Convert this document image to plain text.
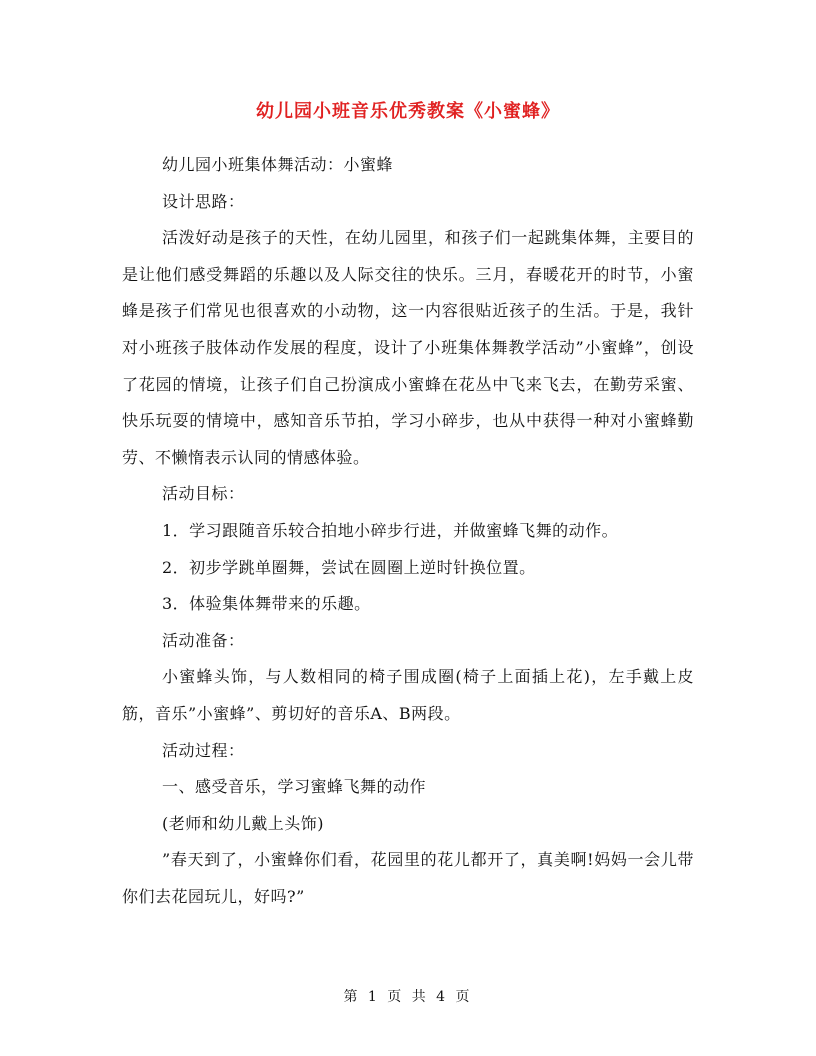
幼儿园小班音乐优秀教案《小蜜蜂》

幼儿园小班集体舞活动：小蜜蜂

设计思路：

活泼好动是孩子的天性，在幼儿园里，和孩子们一起跳集体舞，主要目的是让他们感受舞蹈的乐趣以及人际交往的快乐。三月，春暖花开的时节，小蜜蜂是孩子们常见也很喜欢的小动物，这一内容很贴近孩子的生活。于是，我针对小班孩子肢体动作发展的程度，设计了小班集体舞教学活动”小蜜蜂”，创设了花园的情境，让孩子们自己扮演成小蜜蜂在花丛中飞来飞去，在勤劳采蜜、快乐玩耍的情境中，感知音乐节拍，学习小碎步，也从中获得一种对小蜜蜂勤劳、不懒惰表示认同的情感体验。

活动目标：

1．学习跟随音乐较合拍地小碎步行进，并做蜜蜂飞舞的动作。

2．初步学跳单圈舞，尝试在圆圈上逆时针换位置。

3．体验集体舞带来的乐趣。

活动准备：

小蜜蜂头饰，与人数相同的椅子围成圈(椅子上面插上花)，左手戴上皮筋，音乐”小蜜蜂”、剪切好的音乐A、B两段。

活动过程：

一、感受音乐，学习蜜蜂飞舞的动作

(老师和幼儿戴上头饰)

”春天到了，小蜜蜂你们看，花园里的花儿都开了，真美啊!妈妈一会儿带你们去花园玩儿，好吗?”

第 1 页 共 4 页
